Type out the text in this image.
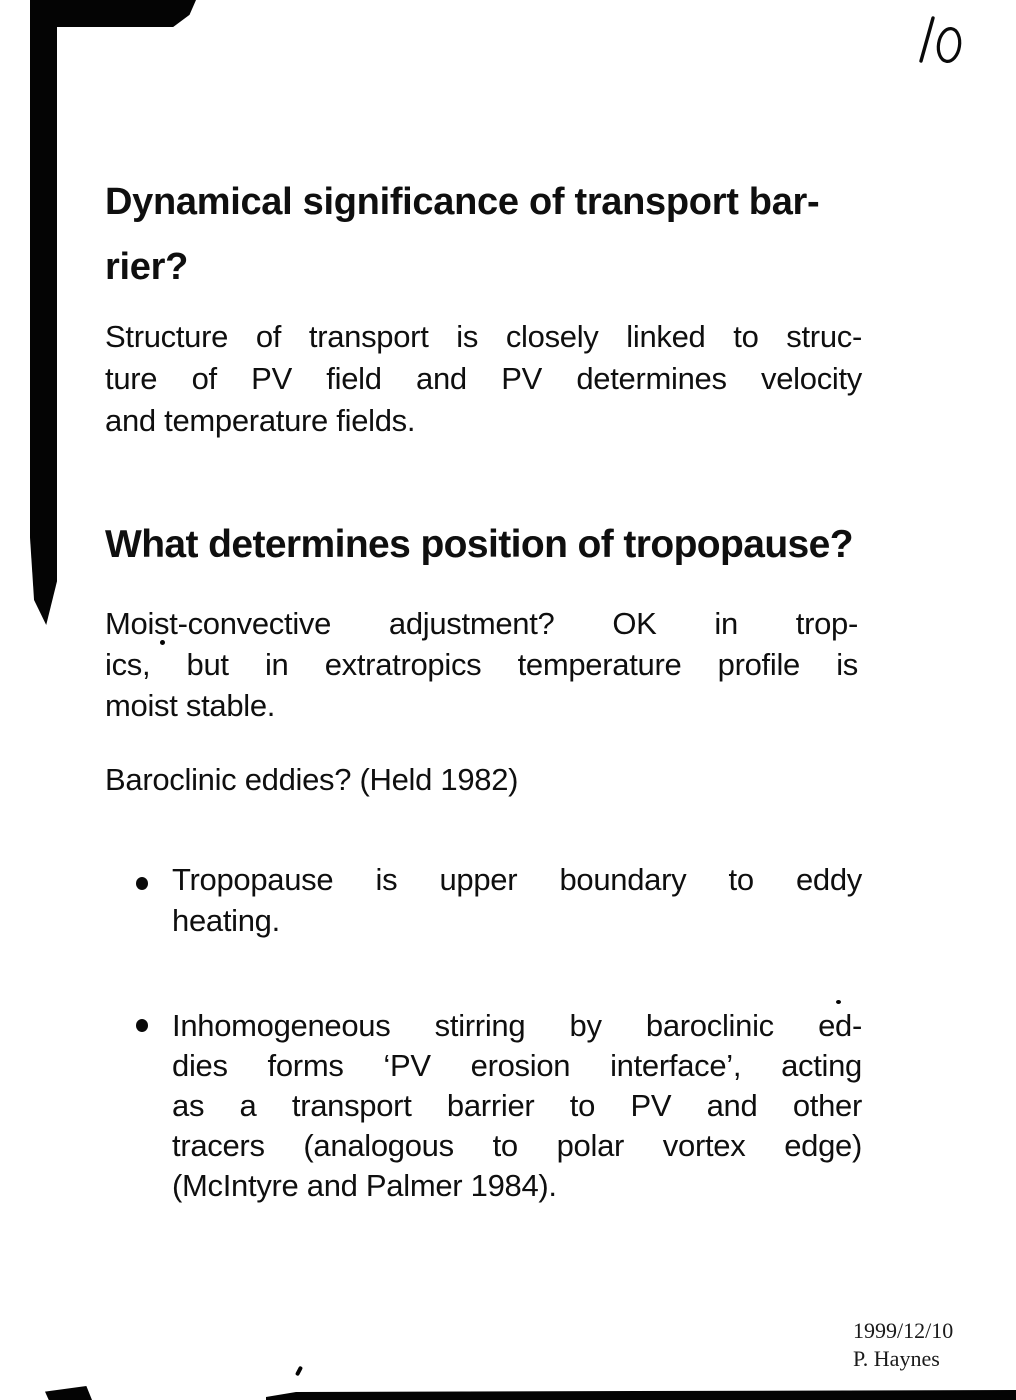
Dynamical significance of transport bar-
rier?
Structure of transport is closely linked to struc-
ture of PV field and PV determines velocity
and temperature fields.
What determines position of tropopause?
Moist-convective adjustment? OK in trop-
ics, but in extratropics temperature profile is
moist stable.
Baroclinic eddies? (Held 1982)
Tropopause is upper boundary to eddy
heating.
Inhomogeneous stirring by baroclinic ed-
dies forms ‘PV erosion interface’, acting
as a transport barrier to PV and other
tracers (analogous to polar vortex edge)
(McIntyre and Palmer 1984).
1999/12/10
P. Haynes
